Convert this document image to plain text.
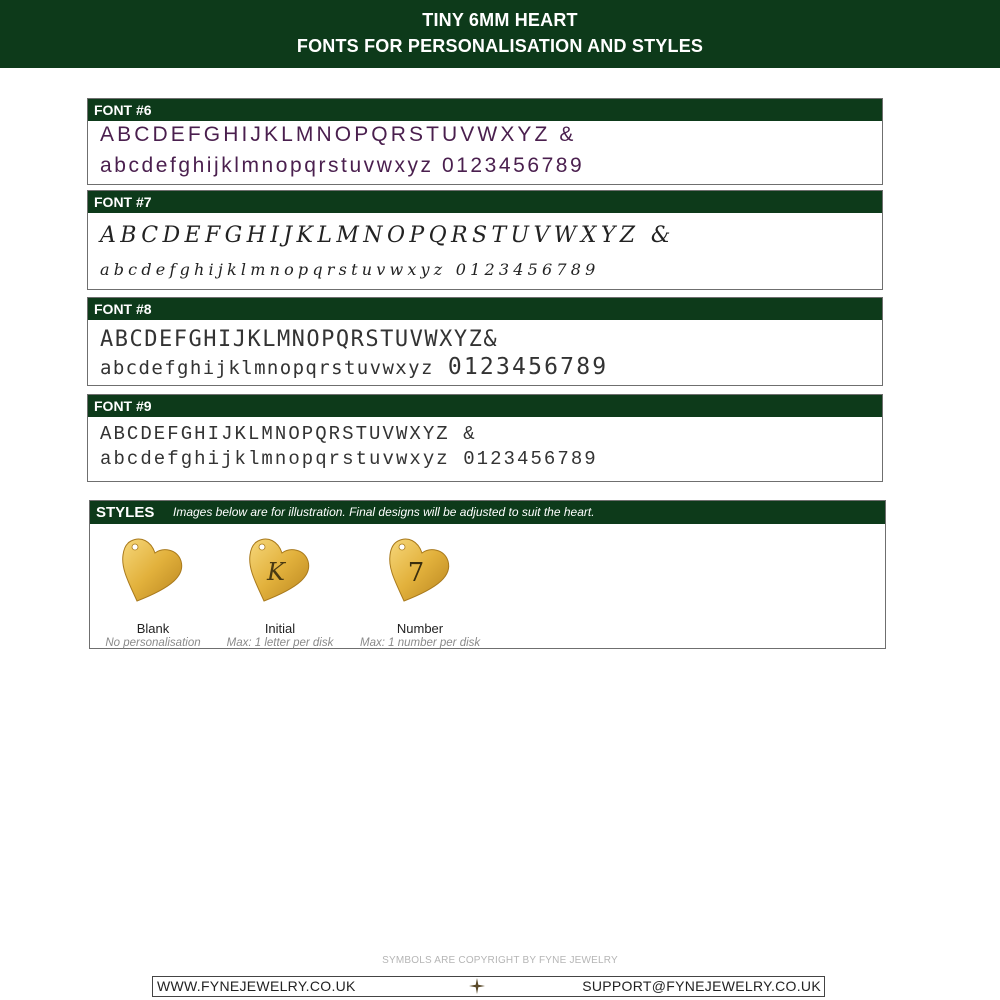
TINY 6MM HEART
FONTS FOR PERSONALISATION AND STYLES
FONT #6
ABCDEFGHIJKLMNOPQRSTUVWXYZ &
abcdefghijklmnopqrstuvwxyz 0123456789
FONT #7
ABCDEFGHIJKLMNOPQRSTUVWXYZ &
abcdefghijklmnopqrstuvwxyz 0123456789
FONT #8
ABCDEFGHIJKLMNOPQRSTUVWXYZ&
abcdefghijklmnopqrstuvwxyz 0123456789
FONT #9
ABCDEFGHIJKLMNOPQRSTUVWXYZ &
abcdefghijklmnopqrstuvwxyz 0123456789
STYLES Images below are for illustration. Final designs will be adjusted to suit the heart.
Blank
No personalisation
K
Initial
Max: 1 letter per disk
7
Number
Max: 1 number per disk
SYMBOLS ARE COPYRIGHT BY FYNE JEWELRY
WWW.FYNEJEWELRY.CO.UK	SUPPORT@FYNEJEWELRY.CO.UK
